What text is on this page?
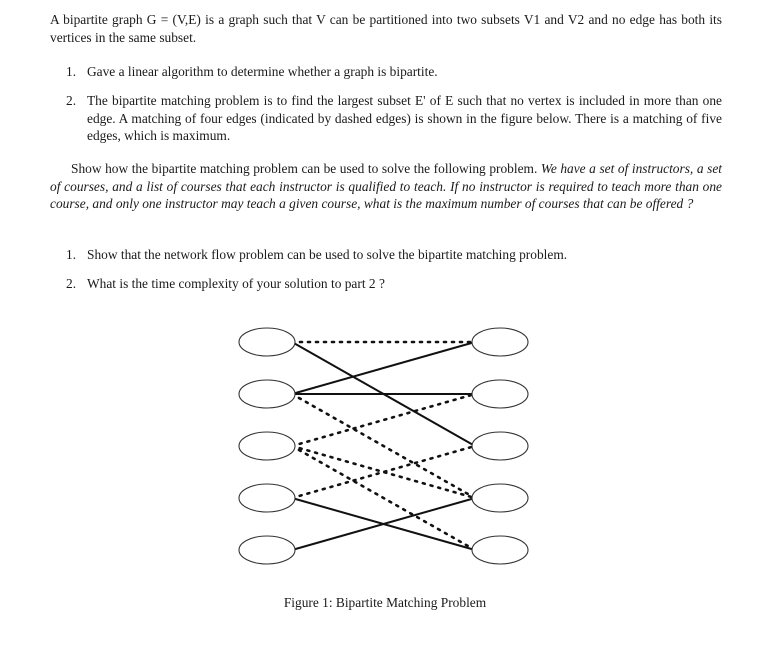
A bipartite graph G = (V,E) is a graph such that V can be partitioned into two subsets V1 and V2 and no edge has both its vertices in the same subset.

1. Gave a linear algorithm to determine whether a graph is bipartite.
2. The bipartite matching problem is to find the largest subset E' of E such that no vertex is included in more than one edge. A matching of four edges (indicated by dashed edges) is shown in the figure below. There is a matching of five edges, which is maximum.

Show how the bipartite matching problem can be used to solve the following problem. We have a set of instructors, a set of courses, and a list of courses that each instructor is qualified to teach. If no instructor is required to teach more than one course, and only one instructor may teach a given course, what is the maximum number of courses that can be offered ?

1. Show that the network flow problem can be used to solve the bipartite matching problem.
2. What is the time complexity of your solution to part 2 ?
Figure 1: Bipartite Matching Problem
